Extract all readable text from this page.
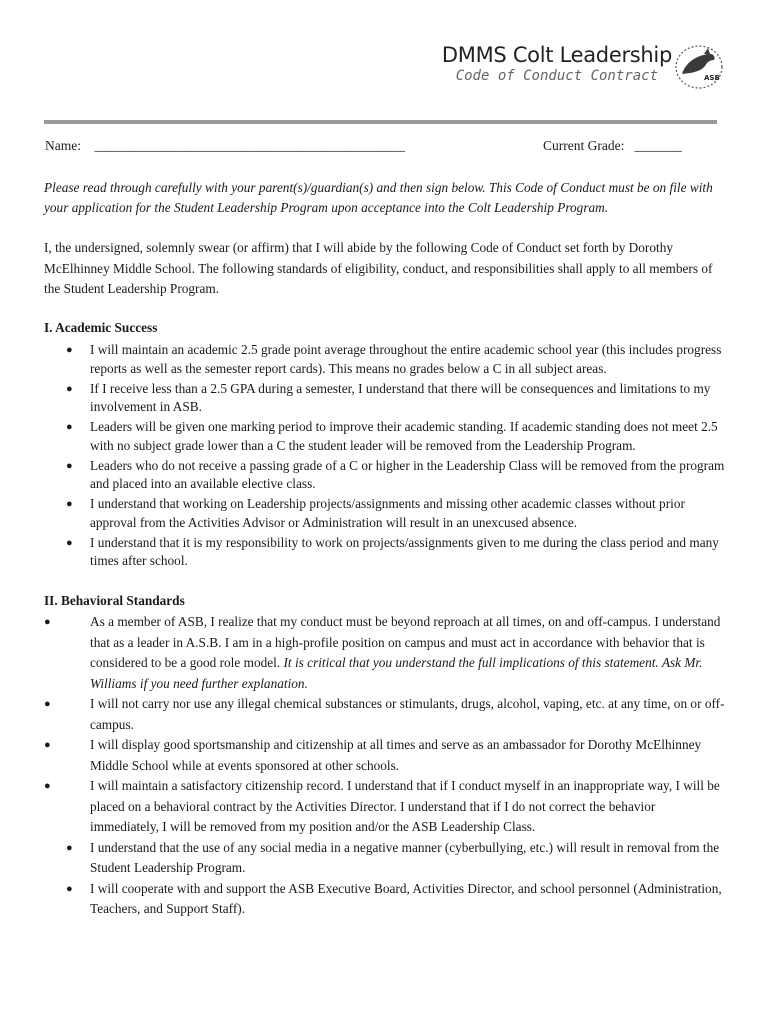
DMMS Colt Leadership
Code of Conduct Contract	ASB
Name: ______________________________________________	Current Grade: _______
Please read through carefully with your parent(s)/guardian(s) and then sign below. This Code of Conduct must be on file with your application for the Student Leadership Program upon acceptance into the Colt Leadership Program.
I, the undersigned, solemnly swear (or affirm) that I will abide by the following Code of Conduct set forth by Dorothy McElhinney Middle School. The following standards of eligibility, conduct, and responsibilities shall apply to all members of the Student Leadership Program.
I. Academic Success
● I will maintain an academic 2.5 grade point average throughout the entire academic school year (this includes progress reports as well as the semester report cards). This means no grades below a C in all subject areas.
● If I receive less than a 2.5 GPA during a semester, I understand that there will be consequences and limitations to my involvement in ASB.
● Leaders will be given one marking period to improve their academic standing. If academic standing does not meet 2.5 with no subject grade lower than a C the student leader will be removed from the Leadership Program.
● Leaders who do not receive a passing grade of a C or higher in the Leadership Class will be removed from the program and placed into an available elective class.
● I understand that working on Leadership projects/assignments and missing other academic classes without prior approval from the Activities Advisor or Administration will result in an unexcused absence.
● I understand that it is my responsibility to work on projects/assignments given to me during the class period and many times after school.
II. Behavioral Standards
●	As a member of ASB, I realize that my conduct must be beyond reproach at all times, on and off-campus. I understand that as a leader in A.S.B. I am in a high-profile position on campus and must act in accordance with behavior that is considered to be a good role model. It is critical that you understand the full implications of this statement. Ask Mr. Williams if you need further explanation.
●	I will not carry nor use any illegal chemical substances or stimulants, drugs, alcohol, vaping, etc. at any time, on or off-campus.
●	I will display good sportsmanship and citizenship at all times and serve as an ambassador for Dorothy McElhinney Middle School while at events sponsored at other schools.
●	I will maintain a satisfactory citizenship record. I understand that if I conduct myself in an inappropriate way, I will be placed on a behavioral contract by the Activities Director. I understand that if I do not correct the behavior immediately, I will be removed from my position and/or the ASB Leadership Class.
● I understand that the use of any social media in a negative manner (cyberbullying, etc.) will result in removal from the Student Leadership Program.
● I will cooperate with and support the ASB Executive Board, Activities Director, and school personnel (Administration, Teachers, and Support Staff).
